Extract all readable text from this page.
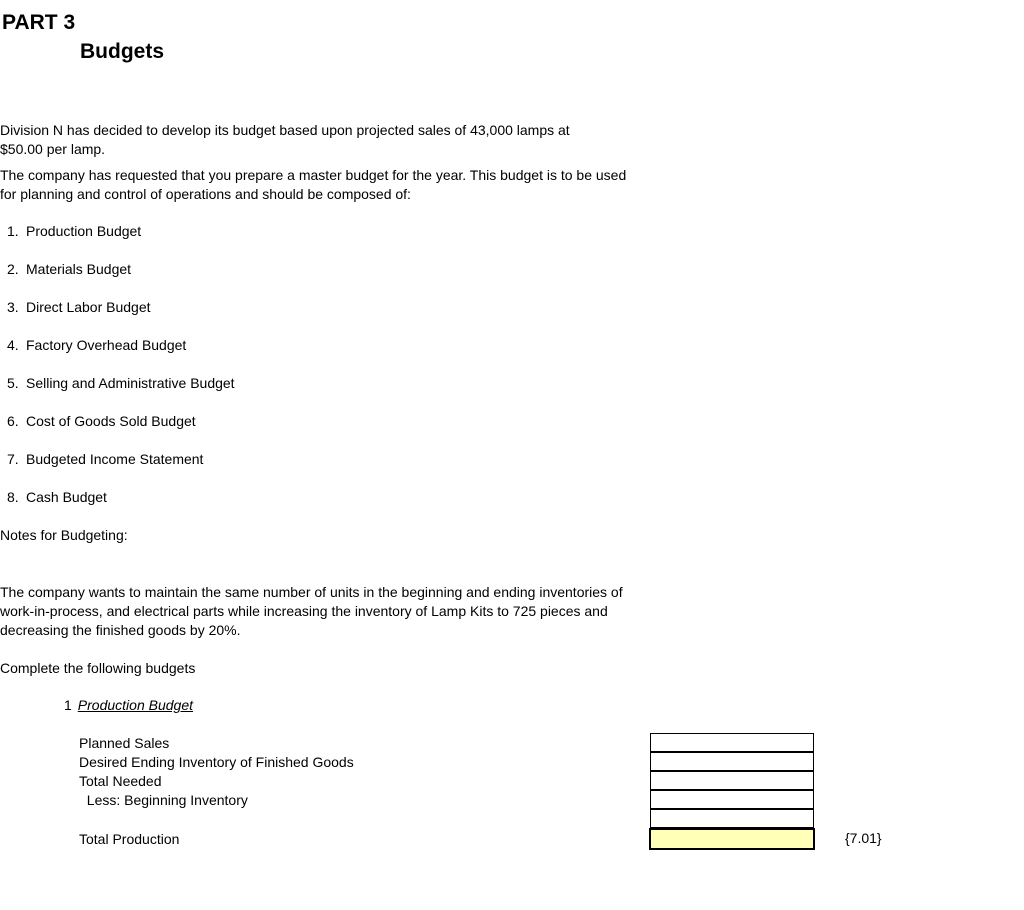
PART 3
Budgets
Division N has decided to develop its budget based upon projected sales of 43,000 lamps at
$50.00 per lamp.
The company has requested that you prepare a master budget for the year. This budget is to be used
for planning and control of operations and should be composed of:
1. Production Budget
2. Materials Budget
3. Direct Labor Budget
4. Factory Overhead Budget
5. Selling and Administrative Budget
6. Cost of Goods Sold Budget
7. Budgeted Income Statement
8. Cash Budget
Notes for Budgeting:
The company wants to maintain the same number of units in the beginning and ending inventories of
work-in-process, and electrical parts while increasing the inventory of Lamp Kits to 725 pieces and
decreasing the finished goods by 20%.
Complete the following budgets
1 Production Budget
Planned Sales
Desired Ending Inventory of Finished Goods
Total Needed
Less: Beginning Inventory
Total Production	{7.01}
